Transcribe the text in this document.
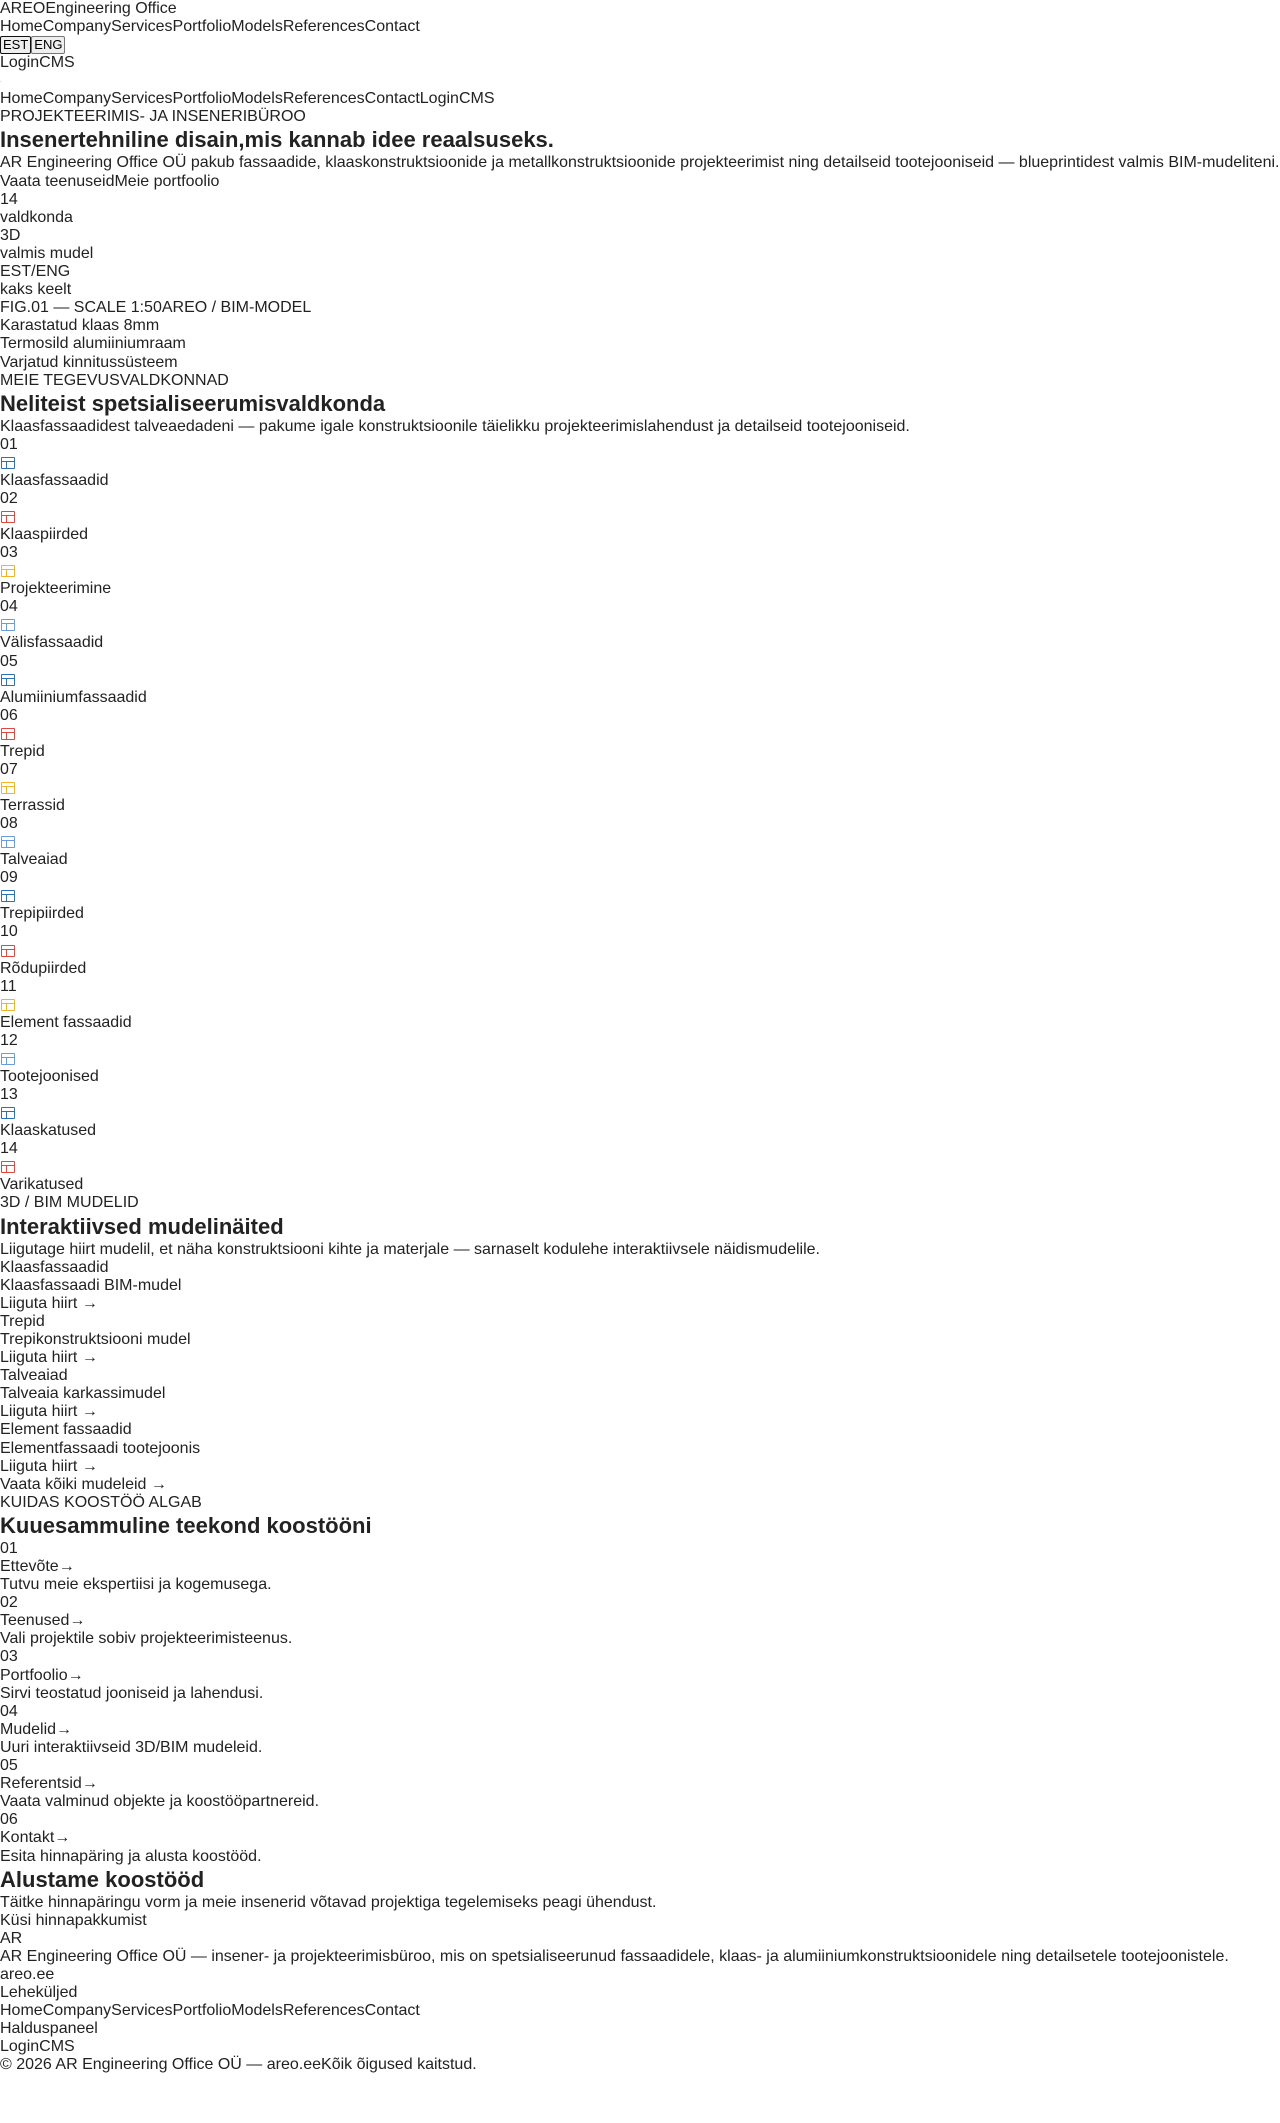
AREOEngineering Office
HomeCompanyServicesPortfolioModelsReferencesContact
EST ENG
LoginCMS
.
HomeCompanyServicesPortfolioModelsReferencesContactLoginCMS
PROJEKTEERIMIS- JA INSENERIBÜROO
Insenertehniline disain,mis kannab idee reaalsuseks.
AR Engineering Office OÜ pakub fassaadide, klaaskonstruktsioonide ja metallkonstruktsioonide projekteerimist ning detailseid tootejooniseid — blueprintidest valmis BIM-mudeliteni.
Vaata teenuseidMeie portfoolio
14
valdkonda
3D
valmis mudel
EST/ENG
kaks keelt
FIG.01 — SCALE 1:50AREO / BIM-MODEL
Karastatud klaas 8mm
Termosild alumiiniumraam
Varjatud kinnitussüsteem
MEIE TEGEVUSVALDKONNAD
Neliteist spetsialiseerumisvaldkonda
Klaasfassaadidest talveaedadeni — pakume igale konstruktsioonile täielikku projekteerimislahendust ja detailseid tootejooniseid.
01
Klaasfassaadid
02
Klaaspiirded
03
Projekteerimine
04
Välisfassaadid
05
Alumiiniumfassaadid
06
Trepid
07
Terrassid
08
Talveaiad
09
Trepipiirded
10
Rõdupiirded
11
Element fassaadid
12
Tootejoonised
13
Klaaskatused
14
Varikatused
3D / BIM MUDELID
Interaktiivsed mudelinäited
Liigutage hiirt mudelil, et näha konstruktsiooni kihte ja materjale — sarnaselt kodulehe interaktiivsele näidismudelile.
Klaasfassaadid
Klaasfassaadi BIM-mudel
Liiguta hiirt →
Trepid
Trepikonstruktsiooni mudel
Liiguta hiirt →
Talveaiad
Talveaia karkassimudel
Liiguta hiirt →
Element fassaadid
Elementfassaadi tootejoonis
Liiguta hiirt →
Vaata kõiki mudeleid →
KUIDAS KOOSTÖÖ ALGAB
Kuuesammuline teekond koostööni
01
Ettevõte→
Tutvu meie ekspertiisi ja kogemusega.
02
Teenused→
Vali projektile sobiv projekteerimisteenus.
03
Portfoolio→
Sirvi teostatud jooniseid ja lahendusi.
04
Mudelid→
Uuri interaktiivseid 3D/BIM mudeleid.
05
Referentsid→
Vaata valminud objekte ja koostööpartnereid.
06
Kontakt→
Esita hinnapäring ja alusta koostööd.
Alustame koostööd
Täitke hinnapäringu vorm ja meie insenerid võtavad projektiga tegelemiseks peagi ühendust.
Küsi hinnapakkumist
AR
AR Engineering Office OÜ — insener- ja projekteerimisbüroo, mis on spetsialiseerunud fassaadidele, klaas- ja alumiiniumkonstruktsioonidele ning detailsetele tootejoonistele.
areo.ee
Leheküljed
HomeCompanyServicesPortfolioModelsReferencesContact
Halduspaneel
LoginCMS
© 2026 AR Engineering Office OÜ — areo.eeKõik õigused kaitstud.
